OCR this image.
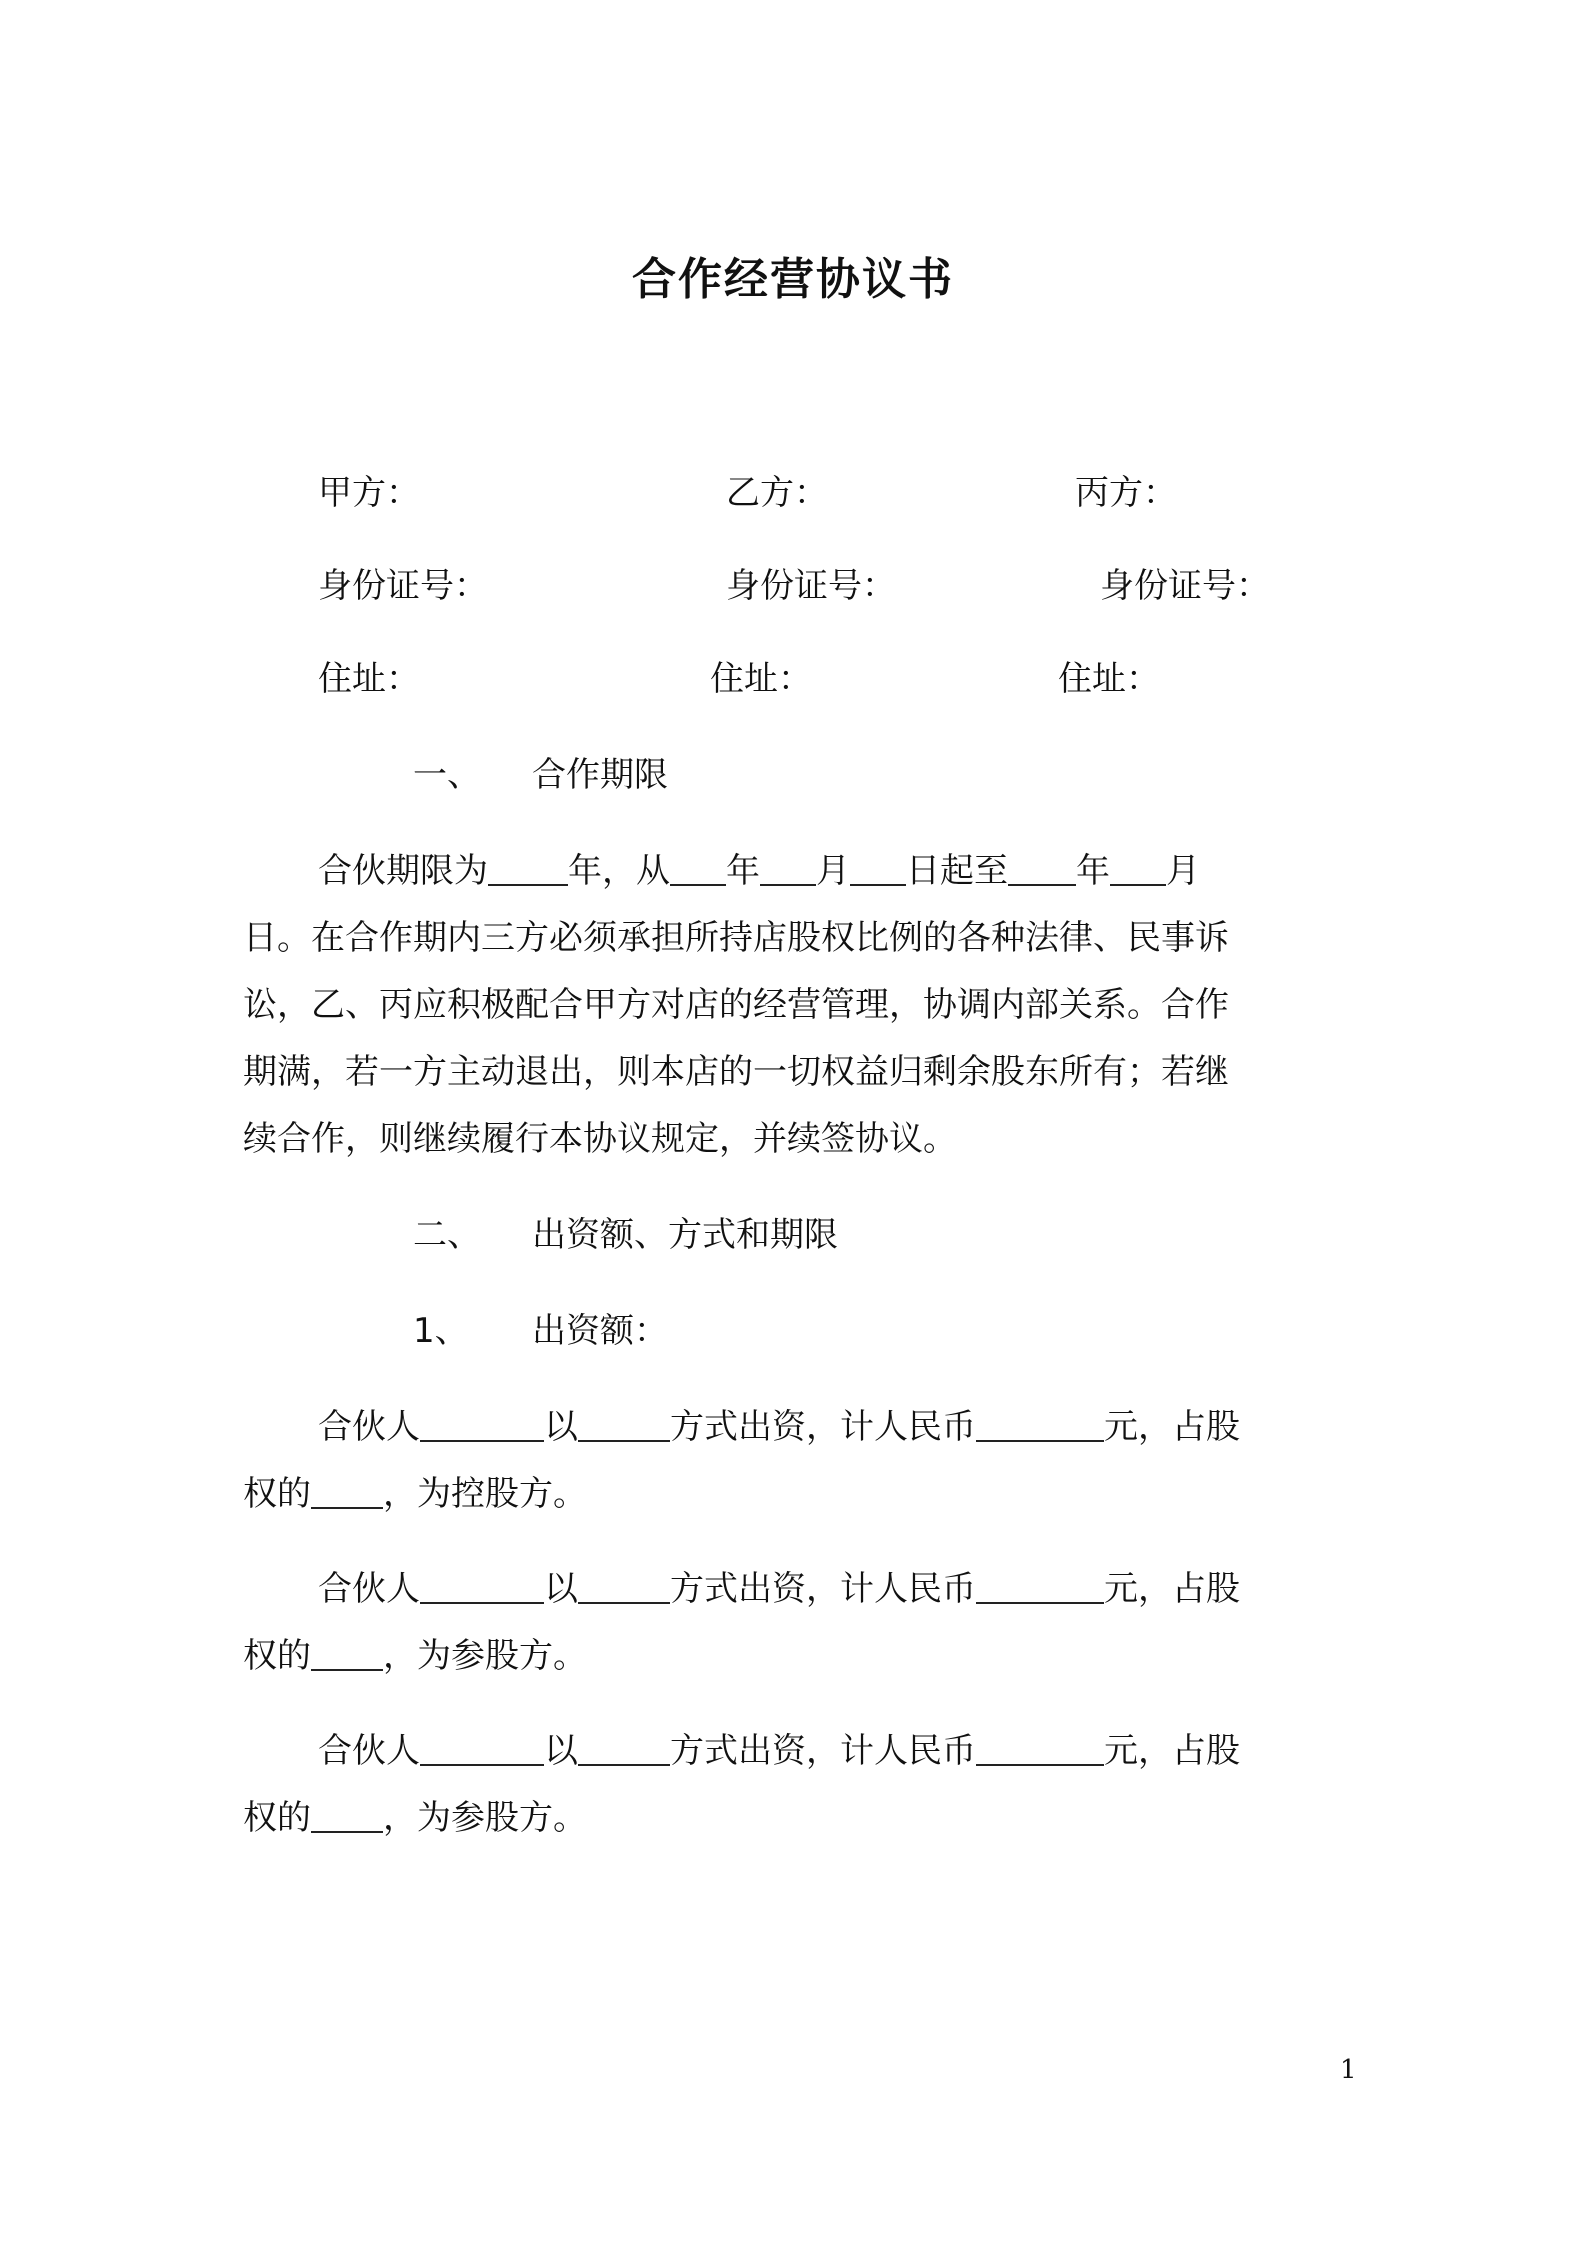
合作经营协议书
甲方：	乙方：	丙方：
身份证号：	身份证号：	身份证号：
住址：	住址：	住址：
一、 合作期限
合伙期限为 年，从 年 月 日起至 年 月
日。在合作期内三方必须承担所持店股权比例的各种法律、民事诉
讼，乙、丙应积极配合甲方对店的经营管理，协调内部关系。合作
期满，若一方主动退出，则本店的一切权益归剩余股东所有；若继
续合作，则继续履行本协议规定，并续签协议。
二、 出资额、方式和期限
1、 出资额：
合伙人	以	方式出资，计人民币	元，占股
权的 ，为控股方。
合伙人	以	方式出资，计人民币	元，占股
权的 ，为参股方。
合伙人	以	方式出资，计人民币	元，占股
权的 ，为参股方。
1
